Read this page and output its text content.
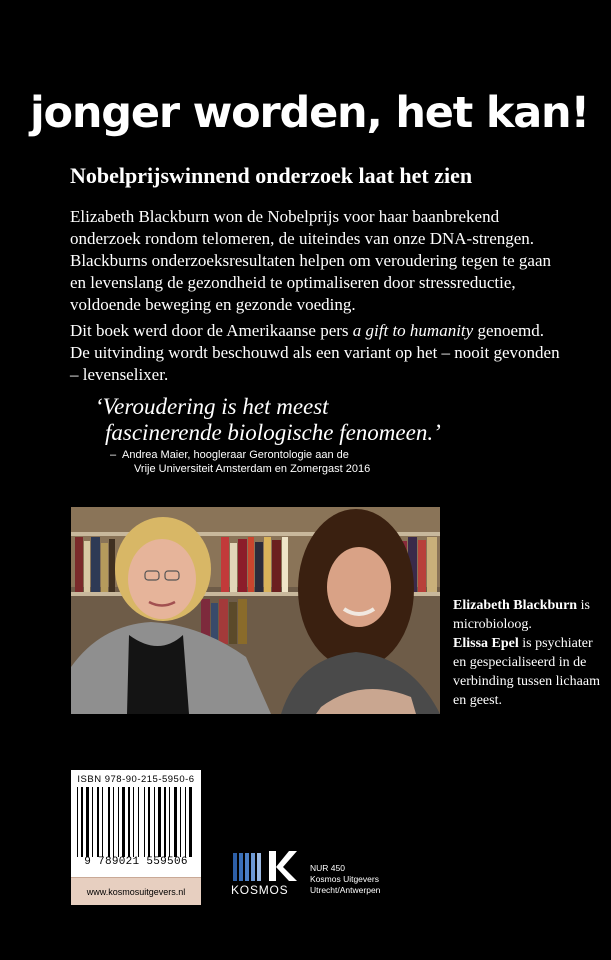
jonger worden, het kan!
Nobelprijswinnend onderzoek laat het zien

Elizabeth Blackburn won de Nobelprijs voor haar baanbrekend onderzoek rondom telomeren, de uiteindes van onze DNA-strengen. Blackburns onderzoeksresultaten helpen om veroudering tegen te gaan en levenslang de gezondheid te optimaliseren door stressreductie, voldoende beweging en gezonde voeding.

Dit boek werd door de Amerikaanse pers a gift to humanity genoemd. De uitvinding wordt beschouwd als een variant op het – nooit gevonden – levenselixer.

‘Veroudering is het meest
fascinerende biologische fenomeen.’
– Andrea Maier, hoogleraar Gerontologie aan de
Vrije Universiteit Amsterdam en Zomergast 2016
Elizabeth Blackburn is microbioloog.
Elissa Epel is psychiater en gespecialiseerd in de verbinding tussen lichaam en geest.
ISBN 978-90-215-5950-6
9 789021 559506
www.kosmosuitgevers.nl	KOSMOS
NUR 450
Kosmos Uitgevers
Utrecht/Antwerpen
